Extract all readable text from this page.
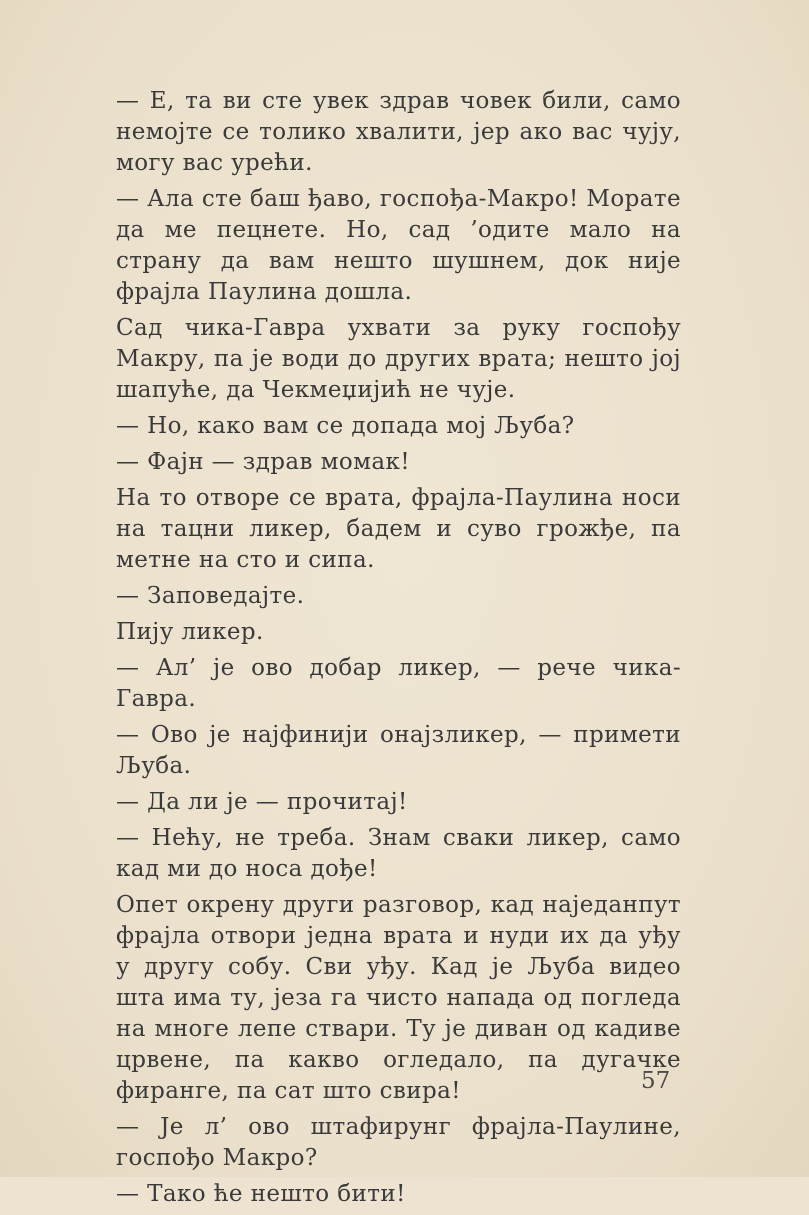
— Е, та ви сте увек здрав човек били, само немојте се толико хвалити, јер ако вас чују, могу вас урећи.

— Ала сте баш ђаво, госпођа-Макро! Морате да ме пецнете. Но, сад ’одите мало на страну да вам нешто шушнем, док није фрајла Паулина дошла.

Сад чика-Гавра ухвати за руку госпођу Макру, па је води до других врата; нешто јој шапуће, да Чекмеџијић не чује.

— Но, како вам се допада мој Љуба?

— Фајн — здрав момак!

На то отворе се врата, фрајла-Паулина носи на тацни ликер, бадем и суво грожђе, па метне на сто и сипа.

— Заповедајте.

Пију ликер.

— Ал’ је ово добар ликер, — рече чика-Гавра.

— Ово је најфинији онајзликер, — примети Љуба.

— Да ли је — прочитај!

— Нећу, не треба. Знам сваки ликер, само кад ми до носа дође!

Опет окрену други разговор, кад наједанпут фрајла отвори једна врата и нуди их да уђу у другу собу. Сви уђу. Кад је Љуба видео шта има ту, језа га чисто напада од погледа на многе лепе ствари. Ту је диван од кадиве црвене, па какво огледало, па дугачке фиранге, па сат што свира!

— Је л’ ово штафирунг фрајла-Паулине, госпођо Макро?

— Тако ће нешто бити!

57
